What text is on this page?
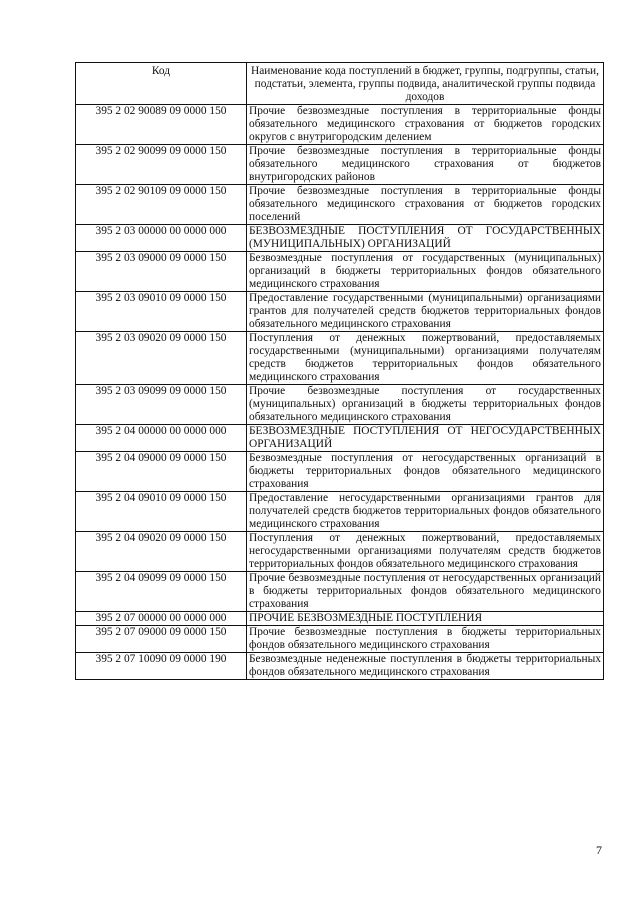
Код	Наименование кода поступлений в бюджет, группы, подгруппы, статьи, подстатьи, элемента, группы подвида, аналитической группы подвида доходов
395 2 02 90089 09 0000 150	Прочие безвозмездные поступления в территориальные фонды обязательного медицинского страхования от бюджетов городских округов с внутригородским делением
395 2 02 90099 09 0000 150	Прочие безвозмездные поступления в территориальные фонды обязательного медицинского страхования от бюджетов внутригородских районов
395 2 02 90109 09 0000 150	Прочие безвозмездные поступления в территориальные фонды обязательного медицинского страхования от бюджетов городских поселений
395 2 03 00000 00 0000 000	БЕЗВОЗМЕЗДНЫЕ ПОСТУПЛЕНИЯ ОТ ГОСУДАРСТВЕННЫХ (МУНИЦИПАЛЬНЫХ) ОРГАНИЗАЦИЙ
395 2 03 09000 09 0000 150	Безвозмездные поступления от государственных (муниципальных) организаций в бюджеты территориальных фондов обязательного медицинского страхования
395 2 03 09010 09 0000 150	Предоставление государственными (муниципальными) организациями грантов для получателей средств бюджетов территориальных фондов обязательного медицинского страхования
395 2 03 09020 09 0000 150	Поступления от денежных пожертвований, предоставляемых государственными (муниципальными) организациями получателям средств бюджетов территориальных фондов обязательного медицинского страхования
395 2 03 09099 09 0000 150	Прочие безвозмездные поступления от государственных (муниципальных) организаций в бюджеты территориальных фондов обязательного медицинского страхования
395 2 04 00000 00 0000 000	БЕЗВОЗМЕЗДНЫЕ ПОСТУПЛЕНИЯ ОТ НЕГОСУДАРСТВЕННЫХ ОРГАНИЗАЦИЙ
395 2 04 09000 09 0000 150	Безвозмездные поступления от негосударственных организаций в бюджеты территориальных фондов обязательного медицинского страхования
395 2 04 09010 09 0000 150	Предоставление негосударственными организациями грантов для получателей средств бюджетов территориальных фондов обязательного медицинского страхования
395 2 04 09020 09 0000 150	Поступления от денежных пожертвований, предоставляемых негосударственными организациями получателям средств бюджетов территориальных фондов обязательного медицинского страхования
395 2 04 09099 09 0000 150	Прочие безвозмездные поступления от негосударственных организаций в бюджеты территориальных фондов обязательного медицинского страхования
395 2 07 00000 00 0000 000	ПРОЧИЕ БЕЗВОЗМЕЗДНЫЕ ПОСТУПЛЕНИЯ
395 2 07 09000 09 0000 150	Прочие безвозмездные поступления в бюджеты территориальных фондов обязательного медицинского страхования
395 2 07 10090 09 0000 190	Безвозмездные неденежные поступления в бюджеты территориальных фондов обязательного медицинского страхования
7
